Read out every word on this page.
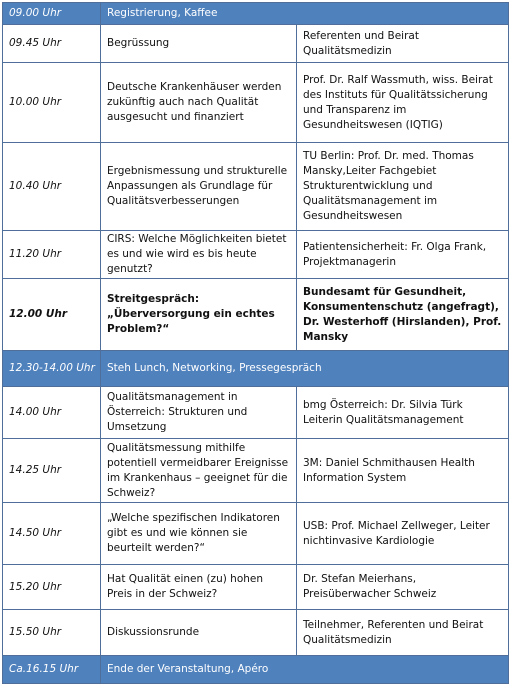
09.00 Uhr	Registrierung, Kaffee	
09.45 Uhr	Begrüssung	Referenten und Beirat Qualitätsmedizin
10.00 Uhr	Deutsche Krankenhäuser werden zukünftig auch nach Qualität ausgesucht und finanziert	Prof. Dr. Ralf Wassmuth, wiss. Beirat des Instituts für Qualitätssicherung und Transparenz im Gesundheitswesen (IQTIG)
10.40 Uhr	Ergebnismessung und strukturelle Anpassungen als Grundlage für Qualitätsverbesserungen	TU Berlin: Prof. Dr. med. Thomas Mansky,Leiter Fachgebiet Strukturentwicklung und Qualitätsmanagement im Gesundheitswesen
11.20 Uhr	CIRS: Welche Möglichkeiten bietet es und wie wird es bis heute genutzt?	Patientensicherheit: Fr. Olga Frank, Projektmanagerin
12.00 Uhr	Streitgespräch: „Überversorgung ein echtes Problem?“	Bundesamt für Gesundheit, Konsumentenschutz (angefragt), Dr. Westerhoff (Hirslanden), Prof. Mansky
12.30-14.00 Uhr	Steh Lunch, Networking, Pressegespräch	
14.00 Uhr	Qualitätsmanagement in Österreich: Strukturen und Umsetzung	bmg Österreich: Dr. Silvia Türk Leiterin Qualitätsmanagement
14.25 Uhr	Qualitätsmessung mithilfe potentiell vermeidbarer Ereignisse im Krankenhaus – geeignet für die Schweiz?	3M: Daniel Schmithausen Health Information System
14.50 Uhr	„Welche spezifischen Indikatoren gibt es und wie können sie beurteilt werden?“	USB: Prof. Michael Zellweger, Leiter nichtinvasive Kardiologie
15.20 Uhr	Hat Qualität einen (zu) hohen Preis in der Schweiz?	Dr. Stefan Meierhans, Preisüberwacher Schweiz
15.50 Uhr	Diskussionsrunde	Teilnehmer, Referenten und Beirat Qualitätsmedizin
Ca.16.15 Uhr	Ende der Veranstaltung, Apéro	
